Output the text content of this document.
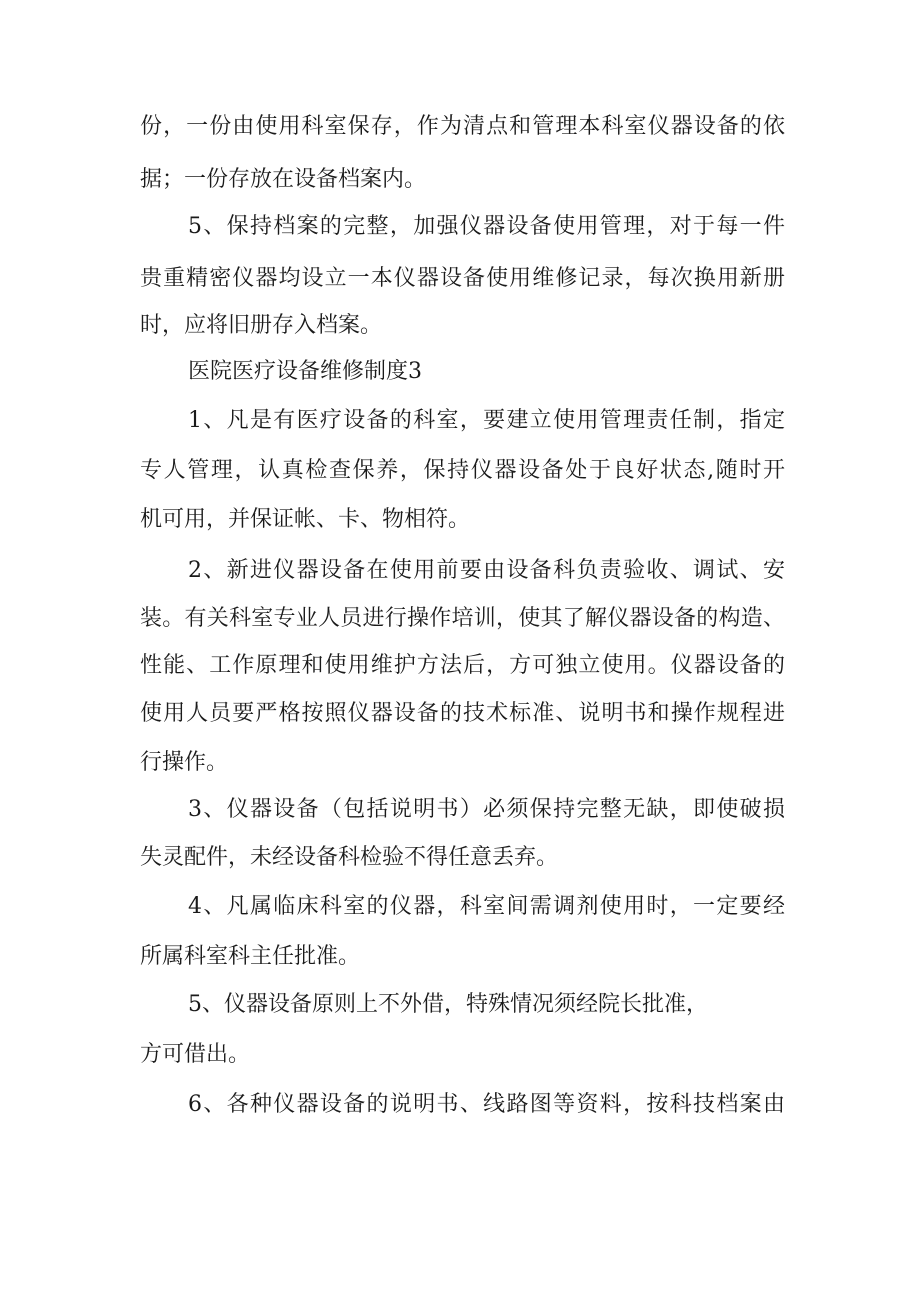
份，一份由使用科室保存，作为清点和管理本科室仪器设备的依

据；一份存放在设备档案内。

5、保持档案的完整，加强仪器设备使用管理，对于每一件

贵重精密仪器均设立一本仪器设备使用维修记录，每次换用新册

时，应将旧册存入档案。

医院医疗设备维修制度3

1、凡是有医疗设备的科室，要建立使用管理责任制，指定

专人管理，认真检查保养，保持仪器设备处于良好状态,随时开

机可用，并保证帐、卡、物相符。

2、新进仪器设备在使用前要由设备科负责验收、调试、安

装。有关科室专业人员进行操作培训，使其了解仪器设备的构造、

性能、工作原理和使用维护方法后，方可独立使用。仪器设备的

使用人员要严格按照仪器设备的技术标准、说明书和操作规程进

行操作。

3、仪器设备（包括说明书）必须保持完整无缺，即使破损

失灵配件，未经设备科检验不得任意丢弃。

4、凡属临床科室的仪器，科室间需调剂使用时，一定要经

所属科室科主任批准。

5、仪器设备原则上不外借，特殊情况须经院长批准，

方可借出。

6、各种仪器设备的说明书、线路图等资料，按科技档案由
